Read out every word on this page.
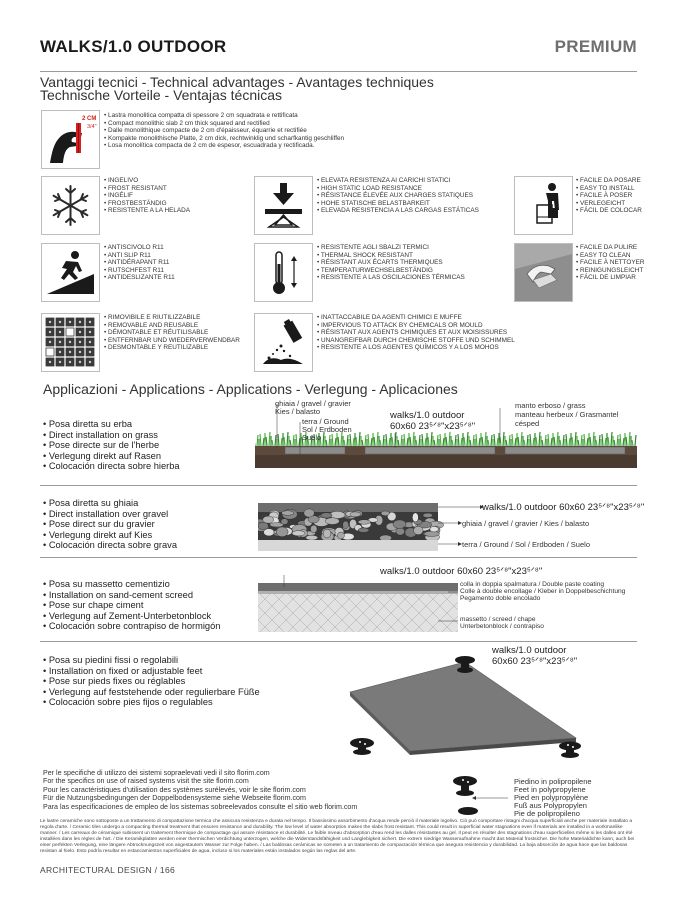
WALKS/1.0 OUTDOOR	PREMIUM
Vantaggi tecnici - Technical advantages - Avantages techniques
Technische Vorteile - Ventajas técnicas
2 CM
3/4"
• Lastra monolitica compatta di spessore 2 cm squadrata e rettificata
• Compact monolithic slab 2 cm thick squared and rectified
• Dalle monolithique compacte de 2 cm d'épaisseur, équarrie et rectifiée
• Kompakte monolithische Platte, 2 cm dick, rechtwinklig und scharfkantig geschliffen
• Losa monolítica compacta de 2 cm de espesor, escuadrada y rectificada.
• INGELIVO
• FROST RESISTANT
• INGÉLIF
• FROSTBESTÄNDIG
• RESISTENTE A LA HELADA
• ELEVATA RESISTENZA AI CARICHI STATICI
• HIGH STATIC LOAD RESISTANCE
• RÉSISTANCE ÉLEVÉE AUX CHARGES STATIQUES
• HOHE STATISCHE BELASTBARKEIT
• ELEVADA RESISTENCIA A LAS CARGAS ESTÁTICAS
• FACILE DA POSARE
• EASY TO INSTALL
• FACILE À POSER
• VERLEGEICHT
• FÁCIL DE COLOCAR
• ANTISCIVOLO R11
• ANTI SLIP R11
• ANTIDÉRAPANT R11
• RUTSCHFEST R11
• ANTIDESLIZANTE R11
• RESISTENTE AGLI SBALZI TERMICI
• THERMAL SHOCK RESISTANT
• RÉSISTANT AUX ÉCARTS THERMIQUES
• TEMPERATURWECHSELBESTÄNDIG
• RESISTENTE A LAS OSCILACIONES TÉRMICAS
• FACILE DA PULIRE
• EASY TO CLEAN
• FACILE À NETTOYER
• REINIGUNGSLEICHT
• FÁCIL DE LIMPIAR
• RIMOVIBILE E RIUTILIZZABILE
• REMOVABLE AND REUSABLE
• DÉMONTABLE ET RÉUTILISABLE
• ENTFERNBAR UND WIEDERVERWENDBAR
• DESMONTABLE Y REUTILIZABLE
• INATTACCABILE DA AGENTI CHIMICI E MUFFE
• IMPERVIOUS TO ATTACK BY CHEMICALS OR MOULD
• RÉSISTANT AUX AGENTS CHIMIQUES ET AUX MOISISSURES
• UNANGREIFBAR DURCH CHEMISCHE STOFFE UND SCHIMMEL
• RESISTENTE A LOS AGENTES QUÍMICOS Y A LOS MOHOS
Applicazioni - Applications - Applications - Verlegung - Aplicaciones
• Posa diretta su erba
• Direct installation on grass
• Pose directe sur de l'herbe
• Verlegung direkt auf Rasen
• Colocación directa sobre hierba
ghiaia / gravel / gravier
Kies / balasto
terra / Ground
Sol / Erdboden
Suelo
walks/1.0 outdoor
60x60 23⁵ᐟ⁸"x23⁵ᐟ⁸"
manto erboso / grass
manteau herbeux / Grasmantel
césped
• Posa diretta su ghiaia
• Direct installation over gravel
• Pose direct sur du gravier
• Verlegung direkt auf Kies
• Colocación directa sobre grava
walks/1.0 outdoor 60x60 23⁵ᐟ⁸"x23⁵ᐟ⁸"
ghiaia / gravel / gravier / Kies / balasto
terra / Ground / Sol / Erdboden / Suelo
• Posa su massetto cementizio
• Installation on sand-cement screed
• Pose sur chape ciment
• Verlegung auf Zement-Unterbetonblock
• Colocación sobre contrapiso de hormigón
walks/1.0 outdoor 60x60 23⁵ᐟ⁸"x23⁵ᐟ⁸"
colla in doppia spalmatura / Double paste coating
Colle à double encollage / Kleber in Doppelbeschichtung
Pegamento doble encolado
massetto / screed / chape
Unterbetonblock / contrapiso
• Posa su piedini fissi o regolabili
• Installation on fixed or adjustable feet
• Pose sur pieds fixes ou réglables
• Verlegung auf feststehende oder regulierbare Füße
• Colocación sobre pies fijos o regulables
walks/1.0 outdoor
60x60 23⁵ᐟ⁸"x23⁵ᐟ⁸"
Piedino in polipropilene
Feet in polypropylene
Pied en polypropylène
Fuß aus Polypropylen
Pie de polipropileno
Per le specifiche di utilizzo dei sistemi sopraelevati vedi il sito florim.com
For the specifics on use of raised systems visit the site florim.com
Pour les caractéristiques d'utilisation des systèmes surélevés, voir le site florim.com
Für die Nutzungsbedingungen der Doppelbodensysteme siehe Webseite florim.com
Para las especificaciones de empleo de los sistemas sobreelevados consulte el sitio web florim.com
Le lastre ceramiche sono sottoposte a un trattamento di compattazione termica che assicura resistenza e durata nel tempo. Il bassissimo assorbimento d'acqua rende perciò il materiale ingelivo. Ciò può comportare ristagni d'acqua superficiali anche per materiale installato a regola d'arte. / Ceramic tiles undergo a compacting thermal treatment that ensures resistance and durability. The low level of water absorption makes the slabs frost resistant. This could result in superficial water stagnations even if materials are installed in a workmanlike manner. / Les carreaux de céramique subissent un traitement thermique de compactage qui assure résistance et durabilité. Le faible niveau d'absorption d'eau rend les dalles résistantes au gel. Il peut en résulter des stagnations d'eau superficielles même si les dalles ont été installées dans les règles de l'art. / Die Keramikplatten werden einer thermischen Verdichtung unterzogen, welche die Widerstandsfähigkeit und Langlebigkeit sichert. Die extrem niedrige Wasseraufnahme macht das Material frostsicher. Die hohe Materialdichte kann, auch bei einer perfekten Verlegung, eine längere Abtrocknungszeit von angestautem Wasser zur Folge haben. / Las baldosas cerámicas se someten a un tratamiento de compactación térmica que asegura resistencia y durabilidad. La baja absorción de agua hace que las baldosas resistan al hielo. Esto podría resultar en estancamientos superficiales de agua, incluso si los materiales están instalados según las reglas del arte.
ARCHITECTURAL DESIGN / 166
